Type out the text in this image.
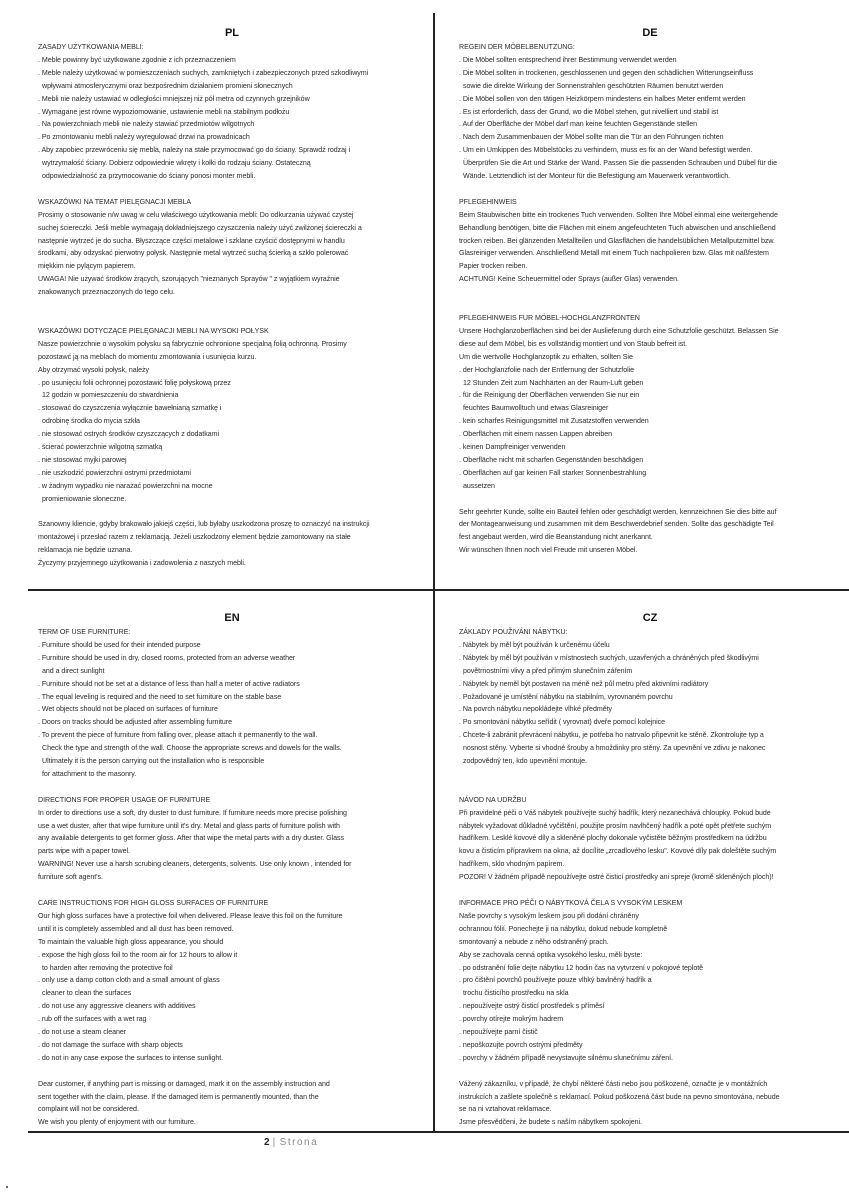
PL
ZASADY UŻYTKOWANIA MEBLI:
. Meble powinny być użytkowane zgodnie z ich przeznaczeniem
. Meble należy użytkować w pomieszczeniach suchych, zamkniętych i zabezpieczonych przed szkodliwymi
wpływami atmosferycznymi oraz bezpośrednim działaniem promieni słonecznych
. Mebli nie należy ustawiać w odległości mniejszej niż pół metra od czynnych grzejników
. Wymagane jest równe wypoziomowanie, ustawienie mebli na stabilnym podłożu
. Na powierzchniach mebli nie należy stawiać przedmiotów wilgotnych
. Po zmontowaniu mebli należy wyregulować drzwi na prowadnicach
. Aby zapobiec przewróceniu się mebla, należy na stałe przymocować go do ściany. Sprawdź rodzaj i
wytrzymałość ściany. Dobierz odpowiednie wkręty i kołki do rodzaju ściany. Ostateczną
odpowiedzialność za przymocowanie do ściany ponosi monter mebli.
WSKAZÓWKI NA TEMAT PIELĘGNACJI MEBLA
Prosimy o stosowanie n/w uwag w celu właściwego użytkowania mebli: Do odkurzania używać czystej
suchej ściereczki. Jeśli meble wymagają dokładniejszego czyszczenia należy użyć zwilżonej ściereczki a
następnie wytrzeć je do sucha. Błyszczące części metalowe i szklane czyścić dostępnymi w handlu
środkami, aby odzyskać pierwotny połysk. Następnie metal wytrzeć suchą ścierką a szkło polerować
miękkim nie pylącym papierem.
UWAGA! Nie używać środków żrących, szorujących "nieznanych Sprayów " z wyjątkiem wyraźnie
znakowanych przeznaczonych do tego celu.
WSKAZÓWKI DOTYCZĄCE PIELĘGNACJI MEBLI NA WYSOKI POŁYSK
Nasze powierzchnie o wysokim połysku są fabrycznie ochronione specjalną folią ochronną. Prosimy
pozostawć ją na meblach do momentu zmontowania i usunięcia kurzu.
Aby otrzymać wysoki połysk, należy
. po usunięciu folii ochronnej pozostawić folię połyskową przez
12 godzin w pomieszczeniu do stwardnienia
. stosować do czyszczenia wyłącznie bawełnianą szmatkę i
odrobinę środka do mycia szkła
. nie stosować ostrych środków czyszczących z dodatkami
. ścierać powierzchnie wilgotną szmatką
. nie stosować myjki parowej
. nie uszkodzić powierzchni ostrymi przedmiotami
. w żadnym wypadku nie narażać powierzchni na mocne
promieniowanie słoneczne.
Szanowny kliencie, gdyby brakowało jakiejś części, lub byłaby uszkodzona proszę to oznaczyć na instrukcji
montażowej i przesłać razem z reklamacją. Jeżeli uszkodzony element będzie zamontowany na stałe
reklamacja nie będzie uznana.
Życzymy przyjemnego użytkowania i zadowolenia z naszych mebli.
DE
REGEIN DER MÖBELBENUTZUNG:
. Die Möbel sollten entsprechend ihrer Bestimmung verwendet werden
. Die Möbel sollten in trockenen, geschlossenen und gegen den schädlichen Witterungseinfluss
sowie die direkte Wirkung der Sonnenstrahlen geschützten Räumen benutzt werden
. Die Möbel sollen von den tätigen Heizkörpern mindestens ein halbes Meter entfernt werden
. Es ist erforderlich, dass der Grund, wo die Möbel stehen, gut nivelliert und stabil ist
. Auf der Oberfläche der Möbel darf man keine feuchten Gegenstände stellen
. Nach dem Zusammenbauen der Möbel sollte man die Tür an den Führungen richten
. Um ein Umkippen des Möbelstücks zu verhindern, muss es fix an der Wand befestigt werden.
Überprüfen Sie die Art und Stärke der Wand. Passen Sie die passenden Schrauben und Dübel für die
Wände. Letztendlich ist der Monteur für die Befestigung am Mauerwerk verantwortlich.
PFLEGEHINWEIS
Beim Staubwischen bitte ein trockenes Tuch verwenden. Sollten Ihre Möbel einmal eine weitergehende
Behandlung benötigen, bitte die Flächen mit einem angefeuchteten Tuch abwischen und anschließend
trocken reiben. Bei glänzenden Metallteilen und Glasflächen die handelsüblichen Metallputzmittel bzw.
Glasreiniger verwenden. Anschließend Metall mit einem Tuch nachpolieren bzw. Glas mit naßfestem
Papier trocken reiben.
ACHTUNG! Keine Scheuermittel oder Sprays (außer Glas) verwenden.
PFLEGEHINWEIS FUR MÖBEL-HOCHGLANZFRONTEN
Unsere Hochglanzoberflächen sind bei der Auslieferung durch eine Schutzfolie geschützt. Belassen Sie
diese auf dem Möbel, bis es vollständig montiert und von Staub befreit ist.
Um die wertvolle Hochglanzoptik zu erhalten, sollten Sie
. der Hochglanzfolie nach der Entfernung der Schutzfolie
12 Stunden Zeit zum Nachhärten an der Raum-Luft geben
. für die Reinigung der Oberflächen verwenden Sie nur ein
feuchtes Baumwolltuch und etwas Glasreiniger
. kein scharfes Reinigungsmittel mit Zusatzstoffen verwenden
. Oberflächen mit einem nassen Lappen abreiben
. keinen Dampfreiniger verwenden
. Oberfläche nicht mit scharfen Gegenständen beschädigen
. Oberflächen auf gar keinen Fall starker Sonnenbestrahlung
aussetzen
Sehr geehrter Kunde, sollte ein Bauteil fehlen oder geschädigt werden, kennzeichnen Sie dies bitte auf
der Montageanweisung und zusammen mit dem Beschwerdebrief senden. Sollte das geschädigte Teil
fest angebaut werden, wird die Beanstandung nicht anerkannt.
Wir wünschen Ihnen noch viel Freude mit unseren Möbel.
EN
TERM OF USE FURNITURE:
. Furniture should be used for their intended purpose
. Furniture should be used in dry, closed rooms, protected from an adverse weather
and a direct sunlight
. Furniture should not be set at a distance of less than half a meter of active radiators
. The equal leveling is required and the need to set furniture on the stable base
. Wet objects should not be placed on surfaces of furniture
. Doors on tracks should be adjusted after assembling furniture
. To prevent the piece of furniture from falling over, please attach it permanently to the wall.
Check the type and strength of the wall. Choose the appropriate screws and dowels for the walls.
Ultimately it is the person carrying out the installation who is responsible
for attachment to the masonry.
DIRECTIONS FOR PROPER USAGE OF FURNITURE
In order to directions use a soft, dry duster to dust furniture. If furniture needs more precise polishing
use a wet duster, after that wipe furniture until it's dry. Metal and glass parts of furniture polish with
any available detergents to get former gloss. After that wipe the metal parts with a dry duster. Glass
parts wipe with a paper towel.
WARNING! Never use a harsh scrubing cleaners, detergents, solvents. Use only known , intended for
furniture soft agent's.
CARE INSTRUCTIONS FOR HIGH GLOSS SURFACES OF FURNITURE
Our high gloss surfaces have a protective foil when delivered. Please leave this foil on the furniture
until it is completely assembled and all dust has been removed.
To maintain the valuable high gloss appearance, you should
. expose the high gloss foil to the room air for 12 hours to allow it
to harden after removing the protective foil
. only use a damp cotton cloth and a small amount of glass
cleaner to clean the surfaces
. do not use any aggressive cleaners with additives
. rub off the surfaces with a wet rag
. do not use a steam cleaner
. do not damage the surface with sharp objects
. do not in any case expose the surfaces to intense sunlight.
Dear customer, if anything part is missing or damaged, mark it on the assembly instruction and
sent together with the claim, please. If the damaged item is permanently mounted, than the
complaint will not be considered.
We wish you plenty of enjoyment with our furniture.
CZ
ZÁKLADY POUŽIVÁNI NÁBYTKU:
. Nábytek by měl být používán k určenému účelu
. Nábytek by měl být používán v místnostech suchých, uzavřených a chráněných před škodlivými
povětrnostními vlivy a před přímým slunečním zářením
. Nábytek by neměl být postaven na méně než půl metru před aktivními radiátory
. Požadované je umístění nábytku na stabilním, vyrovnaném povrchu
. Na povrch nábytku nepokládejte vlhké předměty
. Po smontování nábytku seřídit ( vyrovnat) dveře pomocí kolejnice
. Chcete-li zabránit převrácení nábytku, je potřeba ho natrvalo připevnit ke stěně. Zkontrolujte typ a
nosnost stěny. Vyberte si vhodné šrouby a hmoždinky pro stěny. Za upevnění ve zdivu je nakonec
zodpovědný ten, kdo upevnění montuje.
NÁVOD NA UDRŽBU
Při pravidelné péči o Váš nábytek používejte suchý hadřík, který nezanechává chloupky. Pokud bude
nábytek vyžadovat důkladné vyčištění, použijte prosím navlhčený hadřík a poté opět přetřete suchým
hadříkem. Lesklé kovové díly a skleněné plochy dokonale vyčistěte běžným prostředkem na údržbu
kovu a čisticím přípravkem na okna, až docílíte „zrcadlového lesku". Kovové díly pak doleštěte suchým
hadříkem, sklo vhodným papírem.
POZOR! V žádném případě nepoužívejte ostré čisticí prostředky ani spreje (kromě skleněných ploch)!
INFORMACE PRO PÉČI O NÁBYTKOVÁ ČELA S VYSOKÝM LESKEM
Naše povrchy s vysokým leskem jsou při dodání chráněny
ochrannou fólií. Ponechejte ji na nábytku, dokud nebude kompletně
smontovaný a nebude z něho odstraněný prach.
Aby se zachovala cenná optika vysokého lesku, měli byste:
. po odstranění folie dejte nábytku 12 hodin čas na vytvrzení v pokojové teplotě
. pro čištění povrchů používejte pouze vlhký bavlněný hadřík a
trochu čisticího prostředku na skla
. nepoužívejte ostrý čisticí prostředek s příměsí
. povrchy otírejte mokrým hadrem
. nepoužívejte parní čistič
. nepoškozujte povrch ostrými předměty
. povrchy v žádném případě nevystavujte silnému slunečnímu záření.
Vážený zákazníku, v případě, že chybí některé části nebo jsou poškozené, označte je v montážních
instrukcích a zašlete společně s reklamací. Pokud poškozená část bude na pevno smontována, nebude
se na ni vztahovat reklamace.
Jsme přesvědčeni, že budete s naším nábytkem spokojeni.
2 | Strona
